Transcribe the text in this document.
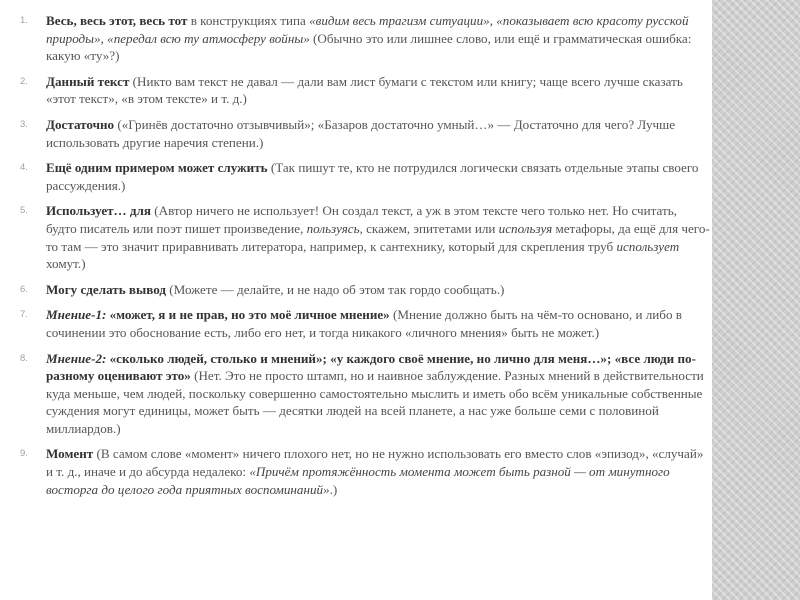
1.	Весь, весь этот, весь тот в конструкциях типа «видим весь трагизм ситуации», «показывает всю красоту русской природы», «передал всю ту атмосферу войны» (Обычно это или лишнее слово, или ещё и грамматическая ошибка: какую «ту»?)
2.	Данный текст (Никто вам текст не давал — дали вам лист бумаги с текстом или книгу; чаще всего лучше сказать «этот текст», «в этом тексте» и т. д.)
3.	Достаточно («Гринёв достаточно отзывчивый»; «Базаров достаточно умный…» — Достаточно для чего? Лучше использовать другие наречия степени.)
4.	Ещё одним примером может служить (Так пишут те, кто не потрудился логически связать отдельные этапы своего рассуждения.)
5.	Использует… для (Автор ничего не использует! Он создал текст, а уж в этом тексте чего только нет. Но считать, будто писатель или поэт пишет произведение, пользуясь, скажем, эпитетами или используя метафоры, да ещё для чего-то там — это значит приравнивать литератора, например, к сантехнику, который для скрепления труб использует хомут.)
6.	Могу сделать вывод (Можете — делайте, и не надо об этом так гордо сообщать.)
7.	Мнение-1: «может, я и не прав, но это моё личное мнение» (Мнение должно быть на чём-то основано, и либо в сочинении это обоснование есть, либо его нет, и тогда никакого «личного мнения» быть не может.)
8.	Мнение-2: «сколько людей, столько и мнений»; «у каждого своё мнение, но лично для меня…»; «все люди по-разному оценивают это» (Нет. Это не просто штамп, но и наивное заблуждение. Разных мнений в действительности куда меньше, чем людей, поскольку совершенно самостоятельно мыслить и иметь обо всём уникальные собственные суждения могут единицы, может быть — десятки людей на всей планете, а нас уже больше семи с половиной миллиардов.)
9.	Момент (В самом слове «момент» ничего плохого нет, но не нужно использовать его вместо слов «эпизод», «случай» и т. д., иначе и до абсурда недалеко: «Причём протяжённость момента может быть разной — от минутного восторга до целого года приятных воспоминаний».)
